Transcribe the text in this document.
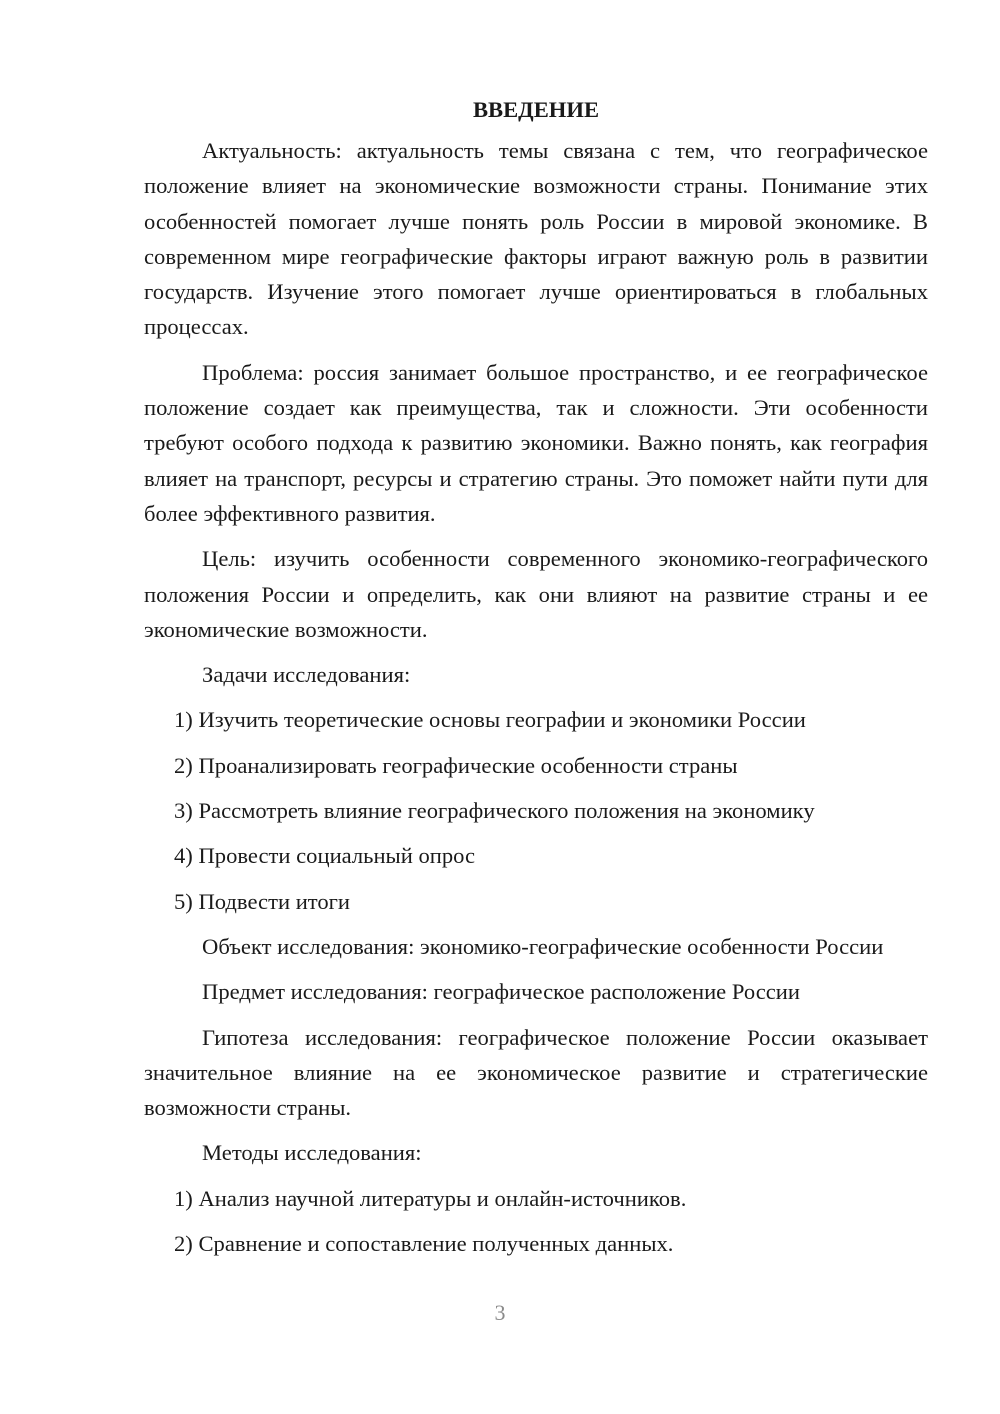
ВВЕДЕНИЕ

Актуальность: актуальность темы связана с тем, что географическое положение влияет на экономические возможности страны. Понимание этих особенностей помогает лучше понять роль России в мировой экономике. В современном мире географические факторы играют важную роль в развитии государств. Изучение этого помогает лучше ориентироваться в глобальных процессах.

Проблема: россия занимает большое пространство, и ее географическое положение создает как преимущества, так и сложности. Эти особенности требуют особого подхода к развитию экономики. Важно понять, как география влияет на транспорт, ресурсы и стратегию страны. Это поможет найти пути для более эффективного развития.

Цель: изучить особенности современного экономико-географического положения России и определить, как они влияют на развитие страны и ее экономические возможности.

Задачи исследования:

1) Изучить теоретические основы географии и экономики России

2) Проанализировать географические особенности страны

3) Рассмотреть влияние географического положения на экономику

4) Провести социальный опрос

5) Подвести итоги

Объект исследования: экономико-географические особенности России

Предмет исследования: географическое расположение России

Гипотеза исследования: географическое положение России оказывает значительное влияние на ее экономическое развитие и стратегические возможности страны.

Методы исследования:

1) Анализ научной литературы и онлайн-источников.

2) Сравнение и сопоставление полученных данных.

3
